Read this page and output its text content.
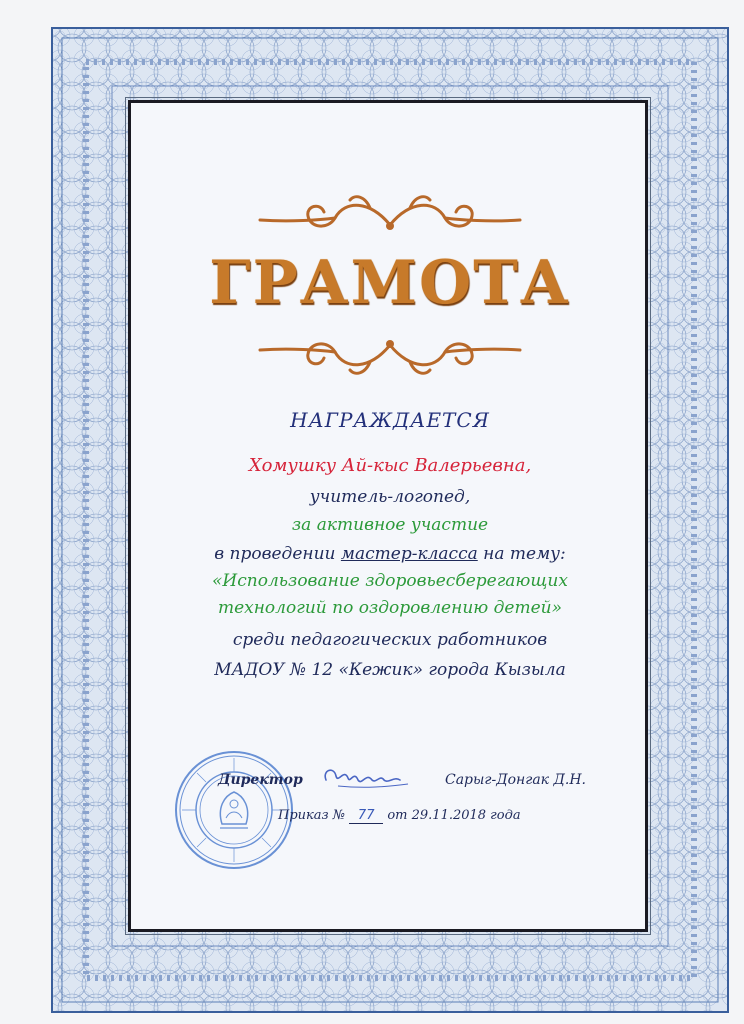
ГРАМОТА
НАГРАЖДАЕТСЯ
Хомушку Ай-кыс Валерьевна,
учитель-логопед,
за активное участие
в проведении мастер-класса на тему:
«Использование здоровьесберегающих
технологий по оздоровлению детей»
среди педагогических работников
МАДОУ № 12 «Кежик» города Кызыла
Директор	Сарыг-Донгак Д.Н.
Приказ № 77 от 29.11.2018 года
